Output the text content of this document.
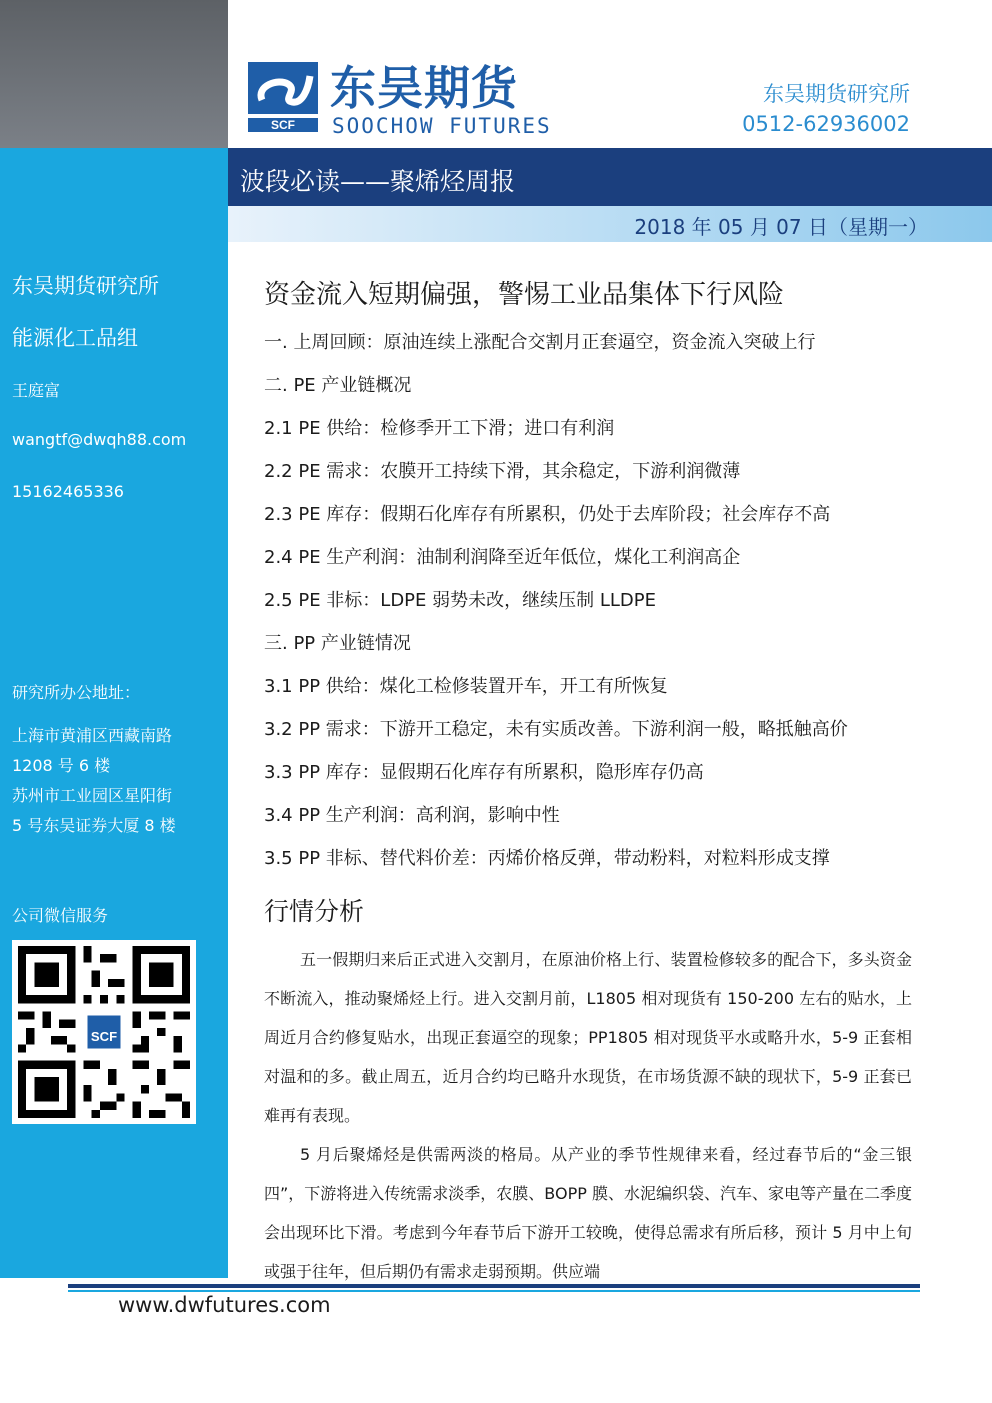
东吴期货研究所
能源化工品组
王庭富
wangtf@dwqh88.com
15162465336
研究所办公地址：
上海市黄浦区西藏南路
1208 号 6 楼
苏州市工业园区星阳街
5 号东吴证券大厦 8 楼
公司微信服务
SCF
SCF
东吴期货
SOOCHOW FUTURES
东吴期货研究所
0512-62936002
波段必读——聚烯烃周报
2018 年 05 月 07 日（星期一）
资金流入短期偏强，警惕工业品集体下行风险
一. 上周回顾：原油连续上涨配合交割月正套逼空，资金流入突破上行
二. PE 产业链概况
2.1 PE 供给：检修季开工下滑；进口有利润
2.2 PE 需求：农膜开工持续下滑，其余稳定，下游利润微薄
2.3 PE 库存：假期石化库存有所累积，仍处于去库阶段；社会库存不高
2.4 PE 生产利润：油制利润降至近年低位，煤化工利润高企
2.5 PE 非标：LDPE 弱势未改，继续压制 LLDPE
三. PP 产业链情况
3.1 PP 供给：煤化工检修装置开车，开工有所恢复
3.2 PP 需求：下游开工稳定，未有实质改善。下游利润一般，略抵触高价
3.3 PP 库存：显假期石化库存有所累积，隐形库存仍高
3.4 PP 生产利润：高利润，影响中性
3.5 PP 非标、替代料价差：丙烯价格反弹，带动粉料，对粒料形成支撑
行情分析

五一假期归来后正式进入交割月，在原油价格上行、装置检修较多的配合下，多头资金不断流入，推动聚烯烃上行。进入交割月前，L1805 相对现货有 150-200 左右的贴水，上周近月合约修复贴水，出现正套逼空的现象；PP1805 相对现货平水或略升水，5-9 正套相对温和的多。截止周五，近月合约均已略升水现货，在市场货源不缺的现状下，5-9 正套已难再有表现。

5 月后聚烯烃是供需两淡的格局。从产业的季节性规律来看，经过春节后的“金三银四”，下游将进入传统需求淡季，农膜、BOPP 膜、水泥编织袋、汽车、家电等产量在二季度会出现环比下滑。考虑到今年春节后下游开工较晚，使得总需求有所后移，预计 5 月中上旬或强于往年，但后期仍有需求走弱预期。供应端

www.dwfutures.com
